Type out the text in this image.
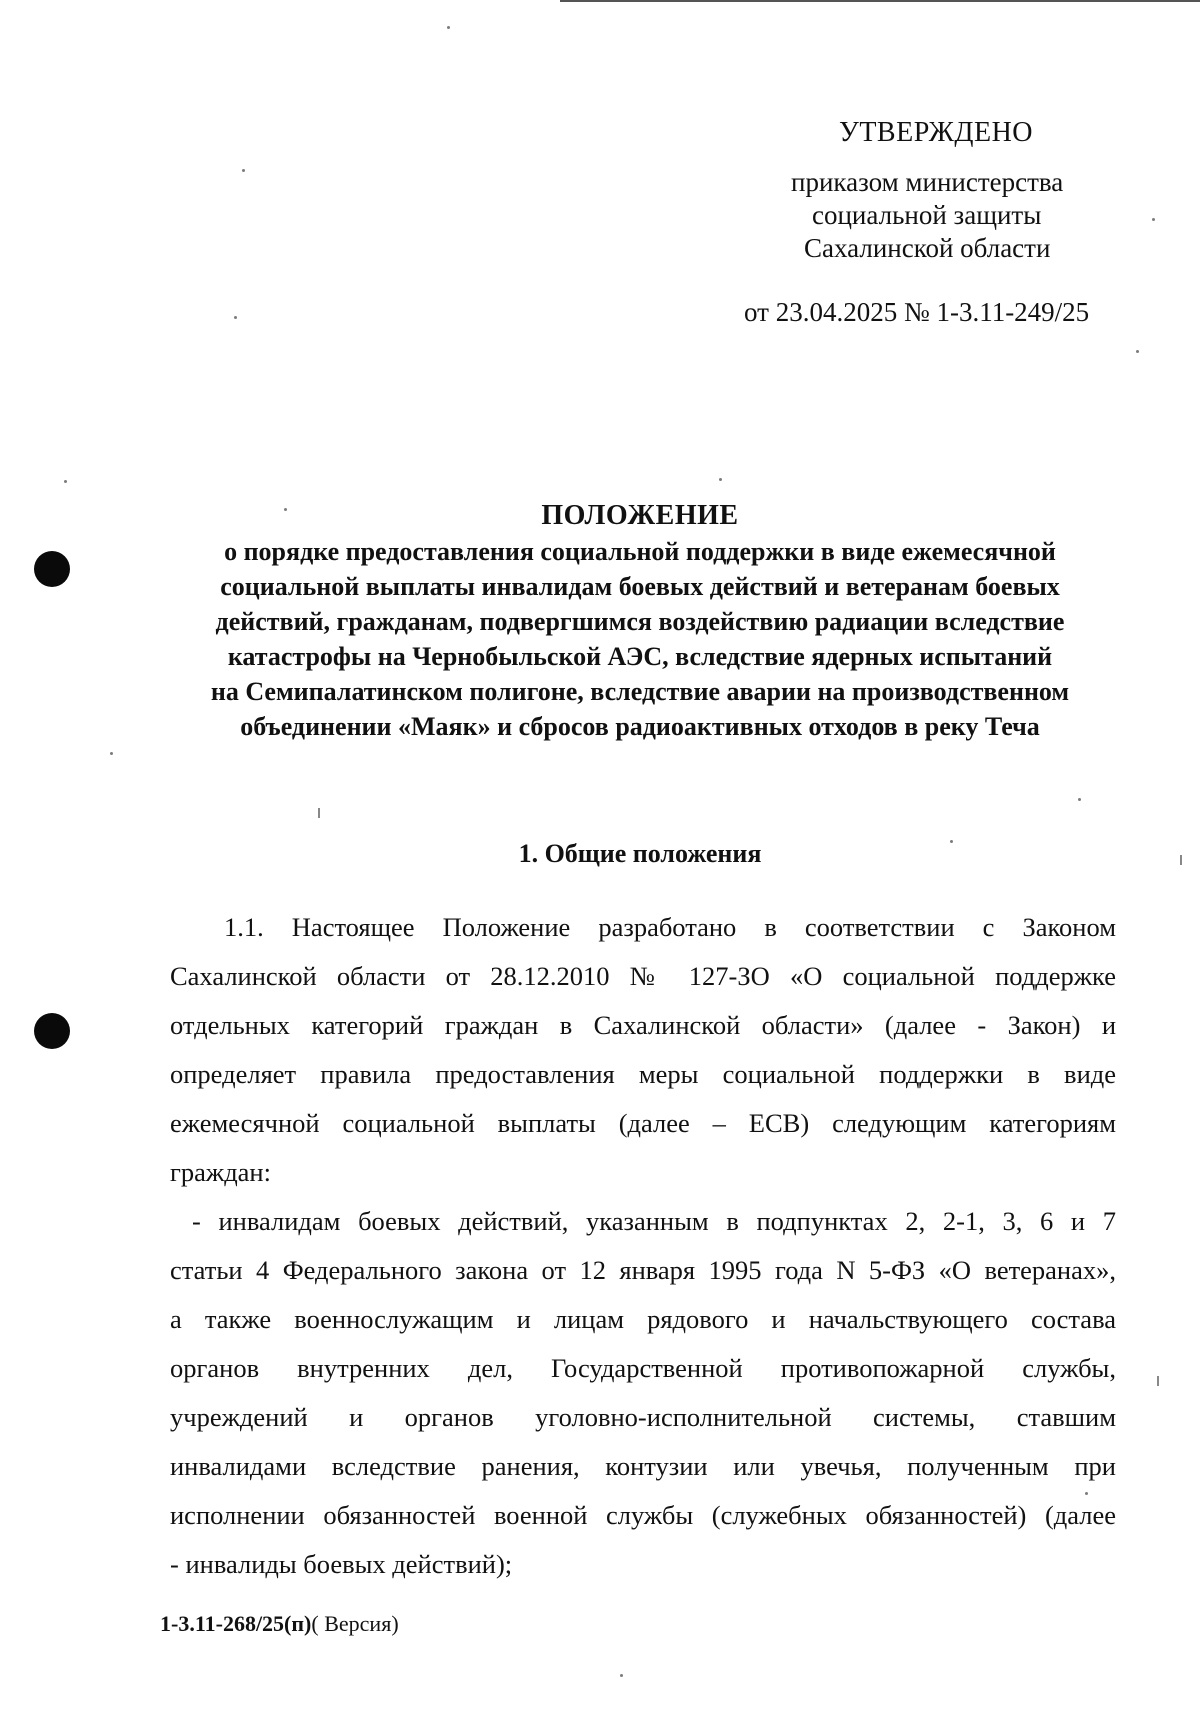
УТВЕРЖДЕНО
приказом министерства
социальной защиты
Сахалинской области
от 23.04.2025 № 1-3.11-249/25
ПОЛОЖЕНИЕ
о порядке предоставления социальной поддержки в виде ежемесячной
социальной выплаты инвалидам боевых действий и ветеранам боевых
действий, гражданам, подвергшимся воздействию радиации вследствие
катастрофы на Чернобыльской АЭС, вследствие ядерных испытаний
на Семипалатинском полигоне, вследствие аварии на производственном
объединении «Маяк» и сбросов радиоактивных отходов в реку Теча
1. Общие положения
1.1. Настоящее Положение разработано в соответствии с Законом
Сахалинской области от 28.12.2010 № 127-ЗО «О социальной поддержке
отдельных категорий граждан в Сахалинской области» (далее - Закон) и
определяет правила предоставления меры социальной поддержки в виде
ежемесячной социальной выплаты (далее – ЕСВ) следующим категориям
граждан:
- инвалидам боевых действий, указанным в подпунктах 2, 2-1, 3, 6 и 7
статьи 4 Федерального закона от 12 января 1995 года N 5-ФЗ «О ветеранах»,
а также военнослужащим и лицам рядового и начальствующего состава
органов внутренних дел, Государственной противопожарной службы,
учреждений и органов уголовно-исполнительной системы, ставшим
инвалидами вследствие ранения, контузии или увечья, полученным при
исполнении обязанностей военной службы (служебных обязанностей) (далее
- инвалиды боевых действий);
1-3.11-268/25(п)( Версия)
